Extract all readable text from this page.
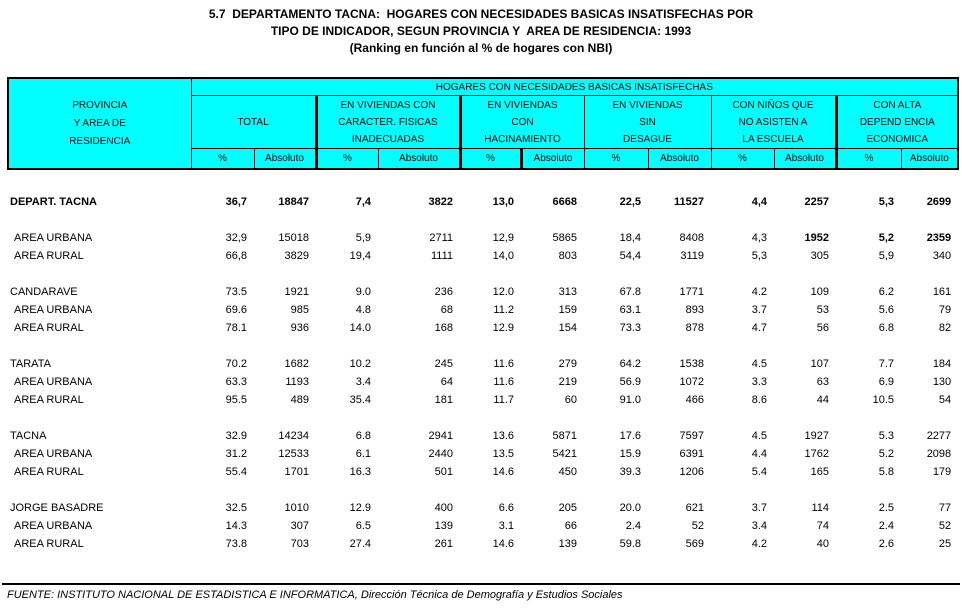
5.7  DEPARTAMENTO TACNA:  HOGARES CON NECESIDADES BASICAS INSATISFECHAS POR
TIPO DE INDICADOR, SEGUN PROVINCIA Y  AREA DE RESIDENCIA: 1993
(Ranking en función al % de hogares con NBI)
PROVINCIA
Y AREA DE
RESIDENCIA	HOGARES CON NECESIDADES BASICAS INSATISFECHAS											

TOTAL

EN VIVIENDAS CON
CARACTER. FISICAS
INADECUADAS

EN VIVIENDAS
CON
HACINAMIENTO

EN VIVIENDAS
SIN
DESAGUE

CON NIÑOS QUE
NO ASISTEN A
LA ESCUELA

CON ALTA
DEPEND ENCIA
ECONOMICA

	%	Absoluto	%	Absoluto	%	Absoluto	%	Absoluto	%	Absoluto	%	Absoluto

DEPART. TACNA	36,7	18847	7,4	3822	13,0	6668	22,5	11527	4,4	2257	5,3	2699

AREA URBANA	32,9	15018	5,9	2711	12,9	5865	18,4	8408	4,3	1952	5,2	2359
AREA RURAL	66,8	3829	19,4	1111	14,0	803	54,4	3119	5,3	305	5,9	340

CANDARAVE	73.5	1921	9.0	236	12.0	313	67.8	1771	4.2	109	6.2	161
AREA URBANA	69.6	985	4.8	68	11.2	159	63.1	893	3.7	53	5.6	79
AREA RURAL	78.1	936	14.0	168	12.9	154	73.3	878	4.7	56	6.8	82

TARATA	70.2	1682	10.2	245	11.6	279	64.2	1538	4.5	107	7.7	184
AREA URBANA	63.3	1193	3.4	64	11.6	219	56.9	1072	3.3	63	6.9	130
AREA RURAL	95.5	489	35.4	181	11.7	60	91.0	466	8.6	44	10.5	54

TACNA	32.9	14234	6.8	2941	13.6	5871	17.6	7597	4.5	1927	5.3	2277
AREA URBANA	31.2	12533	6.1	2440	13.5	5421	15.9	6391	4.4	1762	5.2	2098
AREA RURAL	55.4	1701	16.3	501	14.6	450	39.3	1206	5.4	165	5.8	179

JORGE BASADRE	32.5	1010	12.9	400	6.6	205	20.0	621	3.7	114	2.5	77
AREA URBANA	14.3	307	6.5	139	3.1	66	2.4	52	3.4	74	2.4	52
AREA RURAL	73.8	703	27.4	261	14.6	139	59.8	569	4.2	40	2.6	25
FUENTE: INSTITUTO NACIONAL DE ESTADISTICA E INFORMATICA, Dirección Técnica de Demografía y Estudios Sociales
